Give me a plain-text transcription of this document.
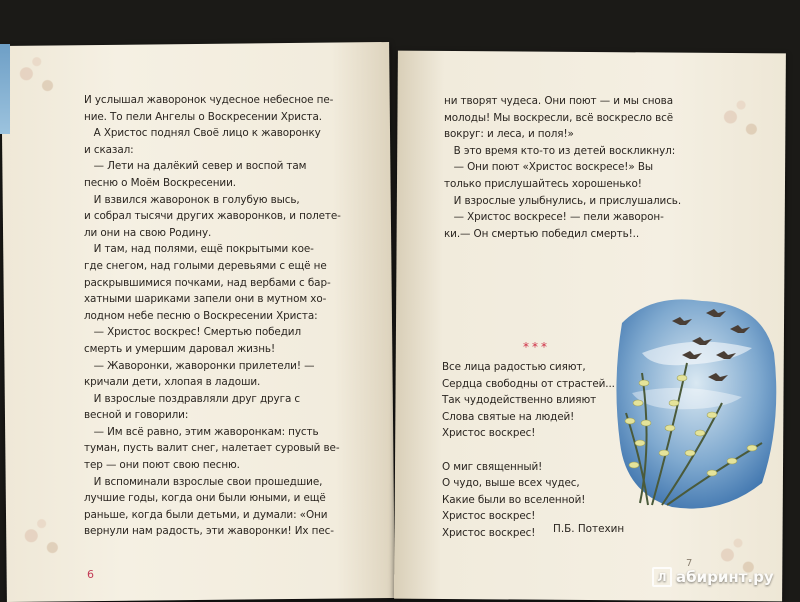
И услышал жаворонок чудесное небесное пе-
ние. То пели Ангелы о Воскресении Христа.
А Христос поднял Своё лицо к жаворонку
и сказал:
— Лети на далёкий север и воспой там
песню о Моём Воскресении.
И взвился жаворонок в голубую высь,
и собрал тысячи других жаворонков, и полете-
ли они на свою Родину.
И там, над полями, ещё покрытыми кое-
где снегом, над голыми деревьями с ещё не
раскрывшимися почками, над вербами с бар-
хатными шариками запели они в мутном хо-
лодном небе песню о Воскресении Христа:
— Христос воскрес! Смертью победил
смерть и умершим даровал жизнь!
— Жаворонки, жаворонки прилетели! —
кричали дети, хлопая в ладоши.
И взрослые поздравляли друг друга с
весной и говорили:
— Им всё равно, этим жаворонкам: пусть
туман, пусть валит снег, налетает суровый ве-
тер — они поют свою песню.
И вспоминали взрослые свои прошедшие,
лучшие годы, когда они были юными, и ещё
раньше, когда были детьми, и думали: «Они
вернули нам радость, эти жаворонки! Их пес-
6
ни творят чудеса. Они поют — и мы снова
молоды! Мы воскресли, всё воскресло всё
вокруг: и леса, и поля!»
В это время кто-то из детей воскликнул:
— Они поют «Христос воскресе!» Вы
только прислушайтесь хорошенько!
И взрослые улыбнулись, и прислушались.
— Христос воскресе! — пели жаворон-
ки.— Он смертью победил смерть!..
***
Все лица радостью сияют,
Сердца свободны от страстей...
Так чудодейственно влияют
Слова святые на людей!
Христос воскрес!

О миг священный!
О чудо, выше всех чудес,
Какие были во вселенной!
Христос воскрес!
Христос воскрес!	П.Б. Потехин
7
Л абиринт.ру
